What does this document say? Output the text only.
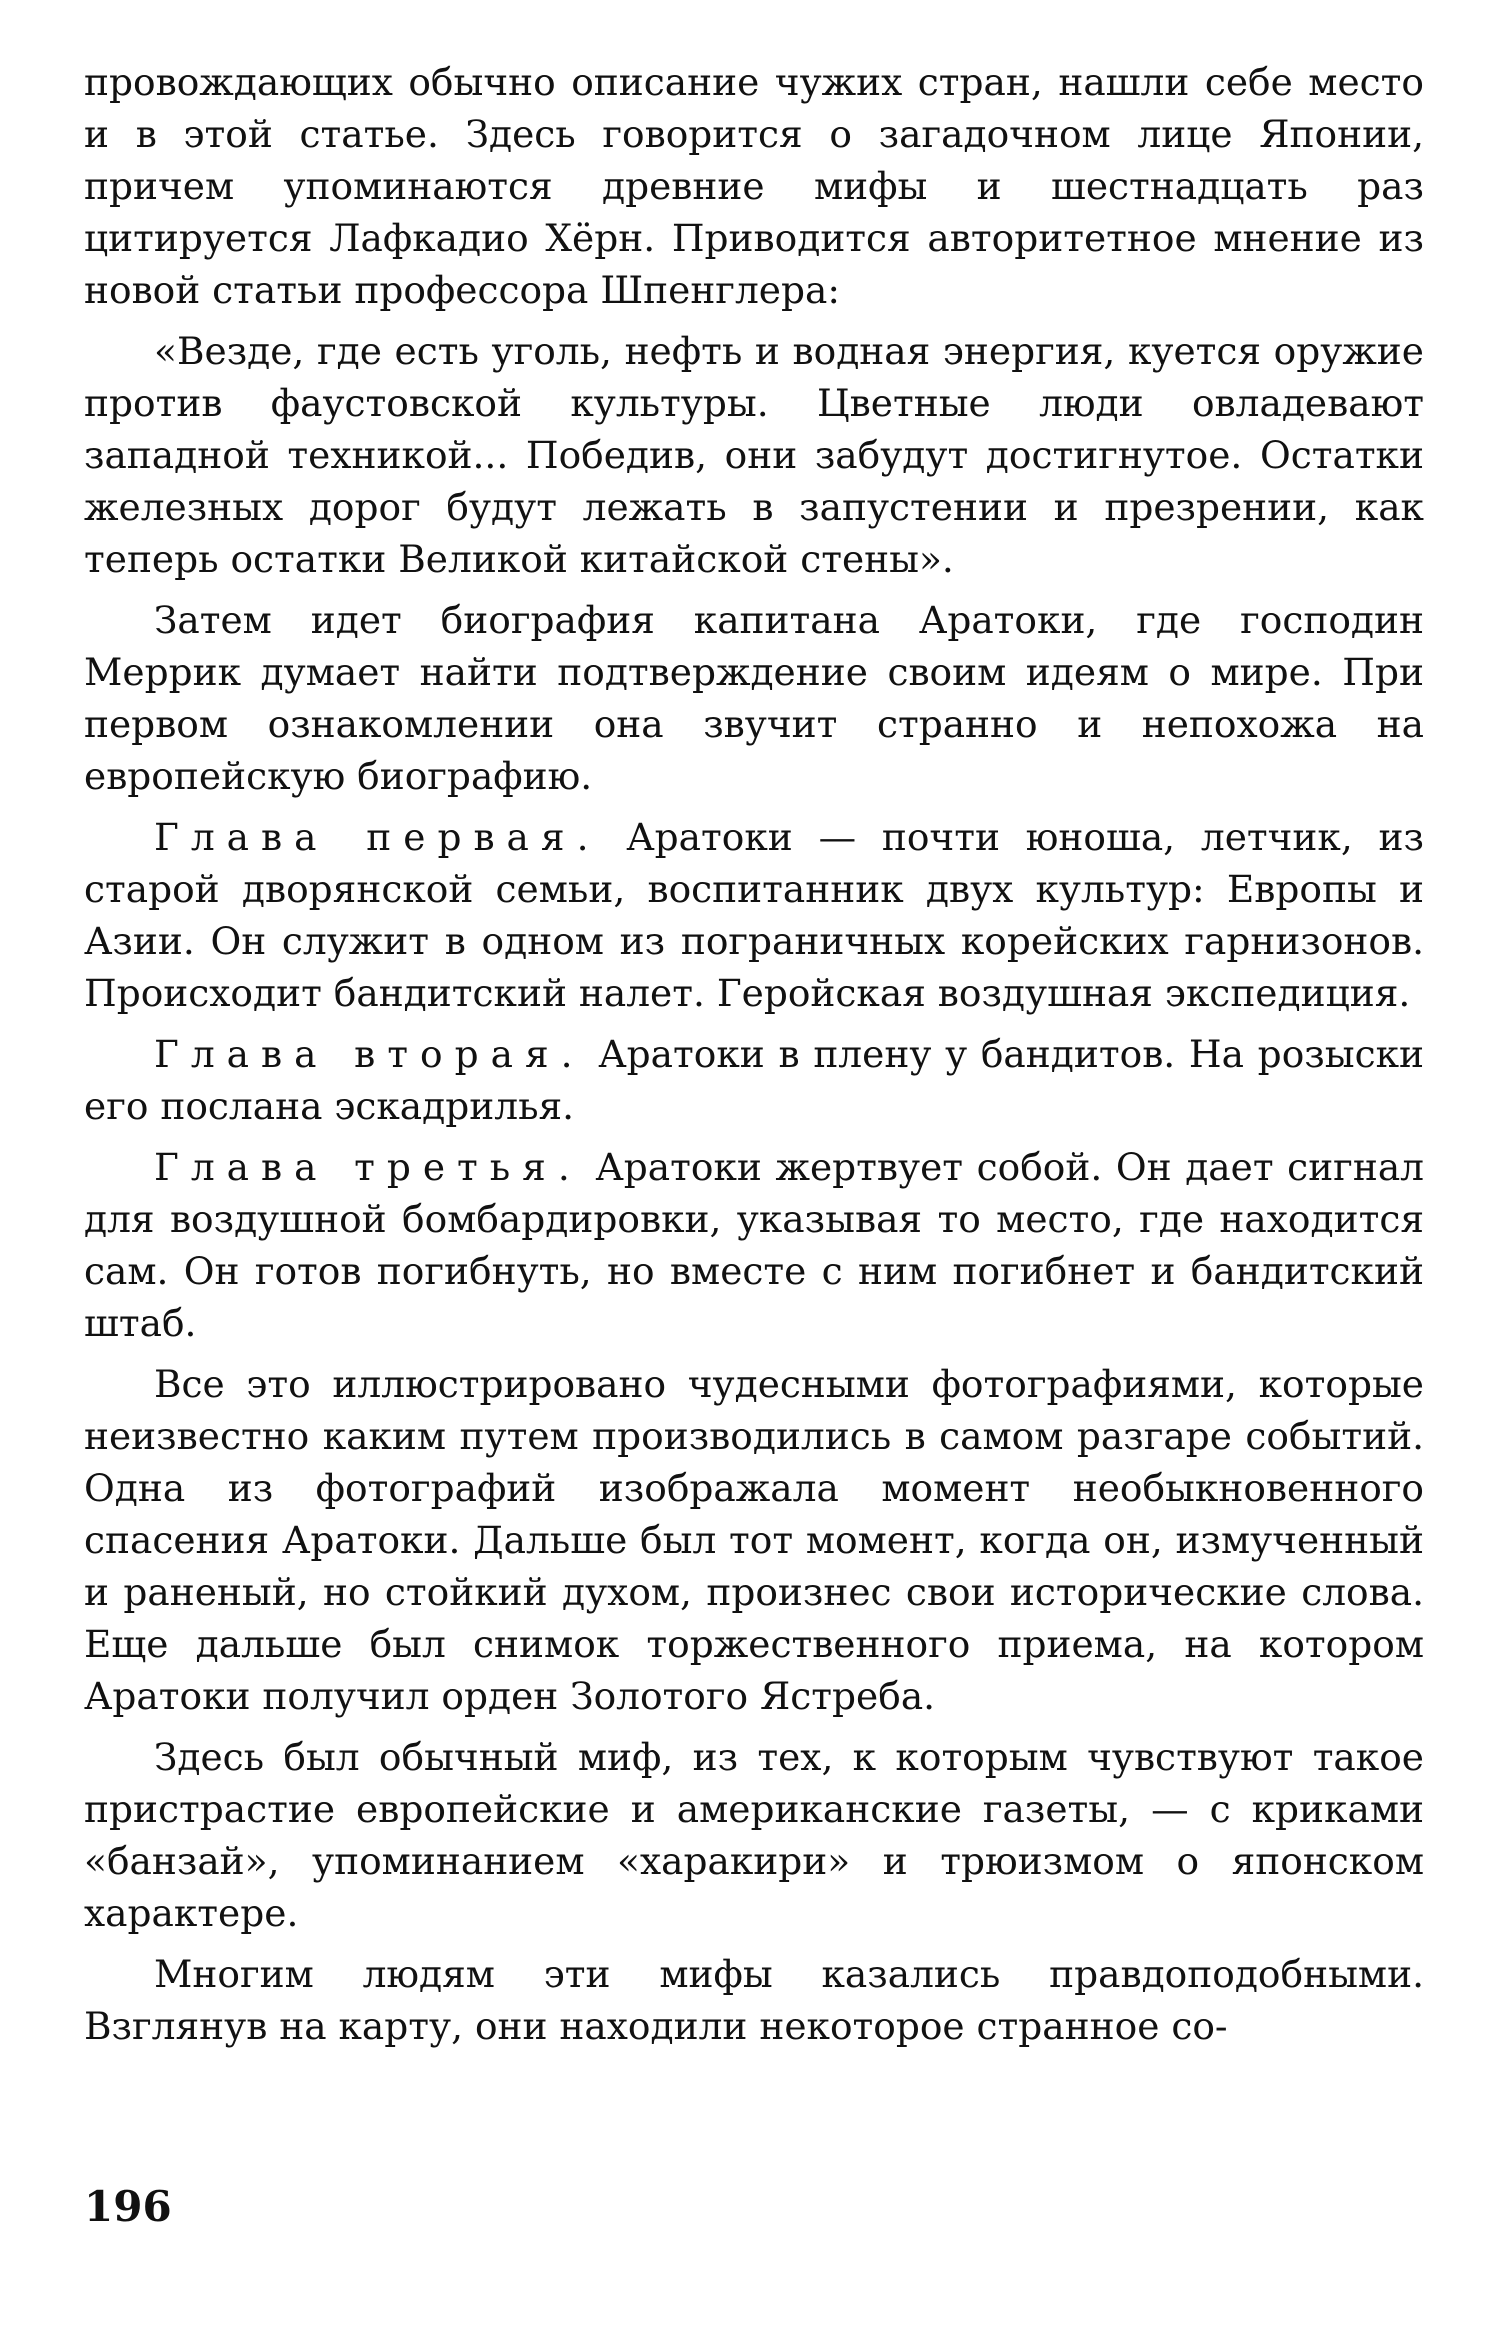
провождающих обычно описание чужих стран, нашли себе место и в этой статье. Здесь говорится о загадочном лице Японии, причем упоминаются древние мифы и шестнадцать раз цитируется Лафкадио Хёрн. Приводится авторитетное мнение из новой статьи профессора Шпенглера:

«Везде, где есть уголь, нефть и водная энергия, куется оружие против фаустовской культуры. Цветные люди овладевают западной техникой... Победив, они забудут достигнутое. Остатки железных дорог будут лежать в запустении и презрении, как теперь остатки Великой китайской стены».

Затем идет биография капитана Аратоки, где господин Меррик думает найти подтверждение своим идеям о мире. При первом ознакомлении она звучит странно и непохожа на европейскую биографию.

Глава первая. Аратоки — почти юноша, летчик, из старой дворянской семьи, воспитанник двух культур: Европы и Азии. Он служит в одном из пограничных корейских гарнизонов. Происходит бандитский налет. Геройская воздушная экспедиция.

Глава вторая. Аратоки в плену у бандитов. На розыски его послана эскадрилья.

Глава третья. Аратоки жертвует собой. Он дает сигнал для воздушной бомбардировки, указывая то место, где находится сам. Он готов погибнуть, но вместе с ним погибнет и бандитский штаб.

Все это иллюстрировано чудесными фотографиями, которые неизвестно каким путем производились в самом разгаре событий. Одна из фотографий изображала момент необыкновенного спасения Аратоки. Дальше был тот момент, когда он, измученный и раненый, но стойкий духом, произнес свои исторические слова. Еще дальше был снимок торжественного приема, на котором Аратоки получил орден Золотого Ястреба.

Здесь был обычный миф, из тех, к которым чувствуют такое пристрастие европейские и американские газеты, — с криками «банзай», упоминанием «харакири» и трюизмом о японском характере.

Многим людям эти мифы казались правдоподобными. Взглянув на карту, они находили некоторое странное со-

196
